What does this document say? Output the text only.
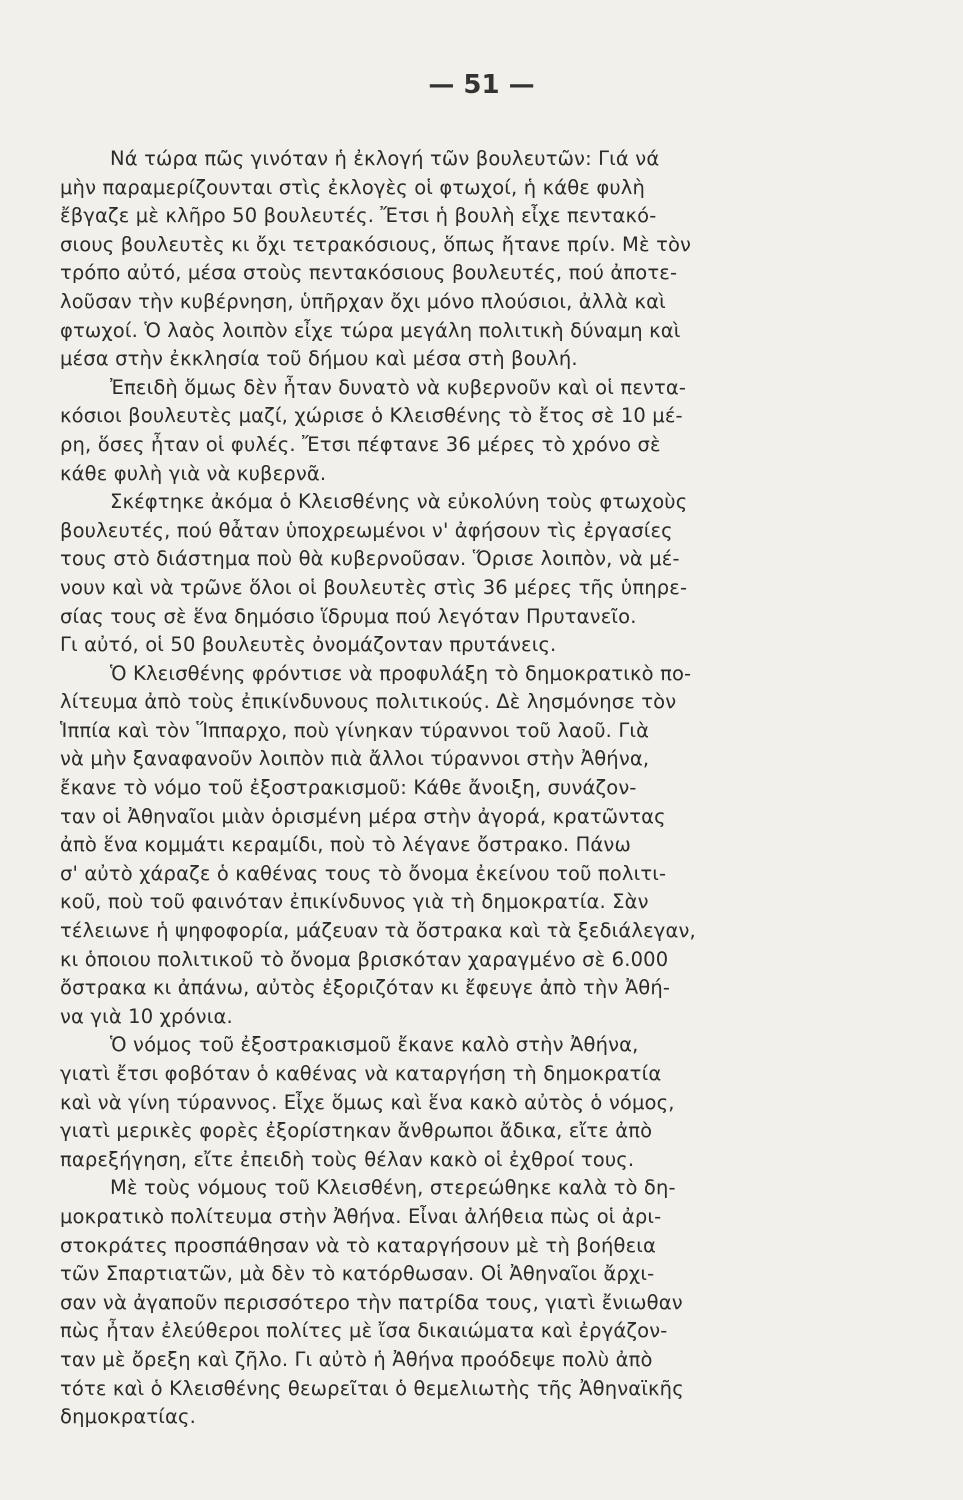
— 51 —
Νά τώρα πῶς γινόταν ἡ ἐκλογή τῶν βουλευτῶν: Γιά νά
μὴν παραμερίζουνται στὶς ἐκλογὲς οἱ φτωχοί, ἡ κάθε φυλὴ
ἔβγαζε μὲ κλῆρο 50 βουλευτές. Ἔτσι ἡ βουλὴ εἶχε πεντακό-
σιους βουλευτὲς κι ὄχι τετρακόσιους, ὅπως ἤτανε πρίν. Μὲ τὸν
τρόπο αὐτό, μέσα στοὺς πεντακόσιους βουλευτές, πού ἀποτε-
λοῦσαν τὴν κυβέρνηση, ὑπῆρχαν ὄχι μόνο πλούσιοι, ἀλλὰ καὶ
φτωχοί. Ὁ λαὸς λοιπὸν εἶχε τώρα μεγάλη πολιτικὴ δύναμη καὶ
μέσα στὴν ἐκκλησία τοῦ δήμου καὶ μέσα στὴ βουλή.
Ἐπειδὴ ὅμως δὲν ἦταν δυνατὸ νὰ κυβερνοῦν καὶ οἱ πεντα-
κόσιοι βουλευτὲς μαζί, χώρισε ὁ Κλεισθένης τὸ ἔτος σὲ 10 μέ-
ρη, ὅσες ἦταν οἱ φυλές. Ἔτσι πέφτανε 36 μέρες τὸ χρόνο σὲ
κάθε φυλὴ γιὰ νὰ κυβερνᾶ.
Σκέφτηκε ἀκόμα ὁ Κλεισθένης νὰ εὐκολύνη τοὺς φτωχοὺς
βουλευτές, πού θἆταν ὑποχρεωμένοι ν' ἀφήσουν τὶς ἐργασίες
τους στὸ διάστημα ποὺ θὰ κυβερνοῦσαν. Ὅρισε λοιπὸν, νὰ μέ-
νουν καὶ νὰ τρῶνε ὅλοι οἱ βουλευτὲς στὶς 36 μέρες τῆς ὑπηρε-
σίας τους σὲ ἕνα δημόσιο ἵδρυμα πού λεγόταν Πρυτανεῖο.
Γι αὐτό, οἱ 50 βουλευτὲς ὀνομάζονταν πρυτάνεις.
Ὁ Κλεισθένης φρόντισε νὰ προφυλάξη τὸ δημοκρατικὸ πο-
λίτευμα ἀπὸ τοὺς ἐπικίνδυνους πολιτικούς. Δὲ λησμόνησε τὸν
Ἱππία καὶ τὸν Ἵππαρχο, ποὺ γίνηκαν τύραννοι τοῦ λαοῦ. Γιὰ
νὰ μὴν ξαναφανοῦν λοιπὸν πιὰ ἄλλοι τύραννοι στὴν Ἀθήνα,
ἔκανε τὸ νόμο τοῦ ἐξοστρακισμοῦ: Κάθε ἄνοιξη, συνάζον-
ταν οἱ Ἀθηναῖοι μιὰν ὁρισμένη μέρα στὴν ἀγορά, κρατῶντας
ἀπὸ ἕνα κομμάτι κεραμίδι, ποὺ τὸ λέγανε ὄστρακο. Πάνω
σ' αὐτὸ χάραζε ὁ καθένας τους τὸ ὄνομα ἐκείνου τοῦ πολιτι-
κοῦ, ποὺ τοῦ φαινόταν ἐπικίνδυνος γιὰ τὴ δημοκρατία. Σὰν
τέλειωνε ἡ ψηφοφορία, μάζευαν τὰ ὄστρακα καὶ τὰ ξεδιάλεγαν,
κι ὁποιου πολιτικοῦ τὸ ὄνομα βρισκόταν χαραγμένο σὲ 6.000
ὄστρακα κι ἀπάνω, αὐτὸς ἐξοριζόταν κι ἔφευγε ἀπὸ τὴν Ἀθή-
να γιὰ 10 χρόνια.
Ὁ νόμος τοῦ ἐξοστρακισμοῦ ἔκανε καλὸ στὴν Ἀθήνα,
γιατὶ ἔτσι φοβόταν ὁ καθένας νὰ καταργήση τὴ δημοκρατία
καὶ νὰ γίνη τύραννος. Εἶχε ὅμως καὶ ἕνα κακὸ αὐτὸς ὁ νόμος,
γιατὶ μερικὲς φορὲς ἐξορίστηκαν ἄνθρωποι ἄδικα, εἴτε ἀπὸ
παρεξήγηση, εἴτε ἐπειδὴ τοὺς θέλαν κακὸ οἱ ἐχθροί τους.
Μὲ τοὺς νόμους τοῦ Κλεισθένη, στερεώθηκε καλὰ τὸ δη-
μοκρατικὸ πολίτευμα στὴν Ἀθήνα. Εἶναι ἀλήθεια πὼς οἱ ἀρι-
στοκράτες προσπάθησαν νὰ τὸ καταργήσουν μὲ τὴ βοήθεια
τῶν Σπαρτιατῶν, μὰ δὲν τὸ κατόρθωσαν. Οἱ Ἀθηναῖοι ἄρχι-
σαν νὰ ἀγαποῦν περισσότερο τὴν πατρίδα τους, γιατὶ ἔνιωθαν
πὼς ἦταν ἐλεύθεροι πολίτες μὲ ἴσα δικαιώματα καὶ ἐργάζον-
ταν μὲ ὄρεξη καὶ ζῆλο. Γι αὐτὸ ἡ Ἀθήνα προόδεψε πολὺ ἀπὸ
τότε καὶ ὁ Κλεισθένης θεωρεῖται ὁ θεμελιωτὴς τῆς Ἀθηναϊκῆς
δημοκρατίας.
